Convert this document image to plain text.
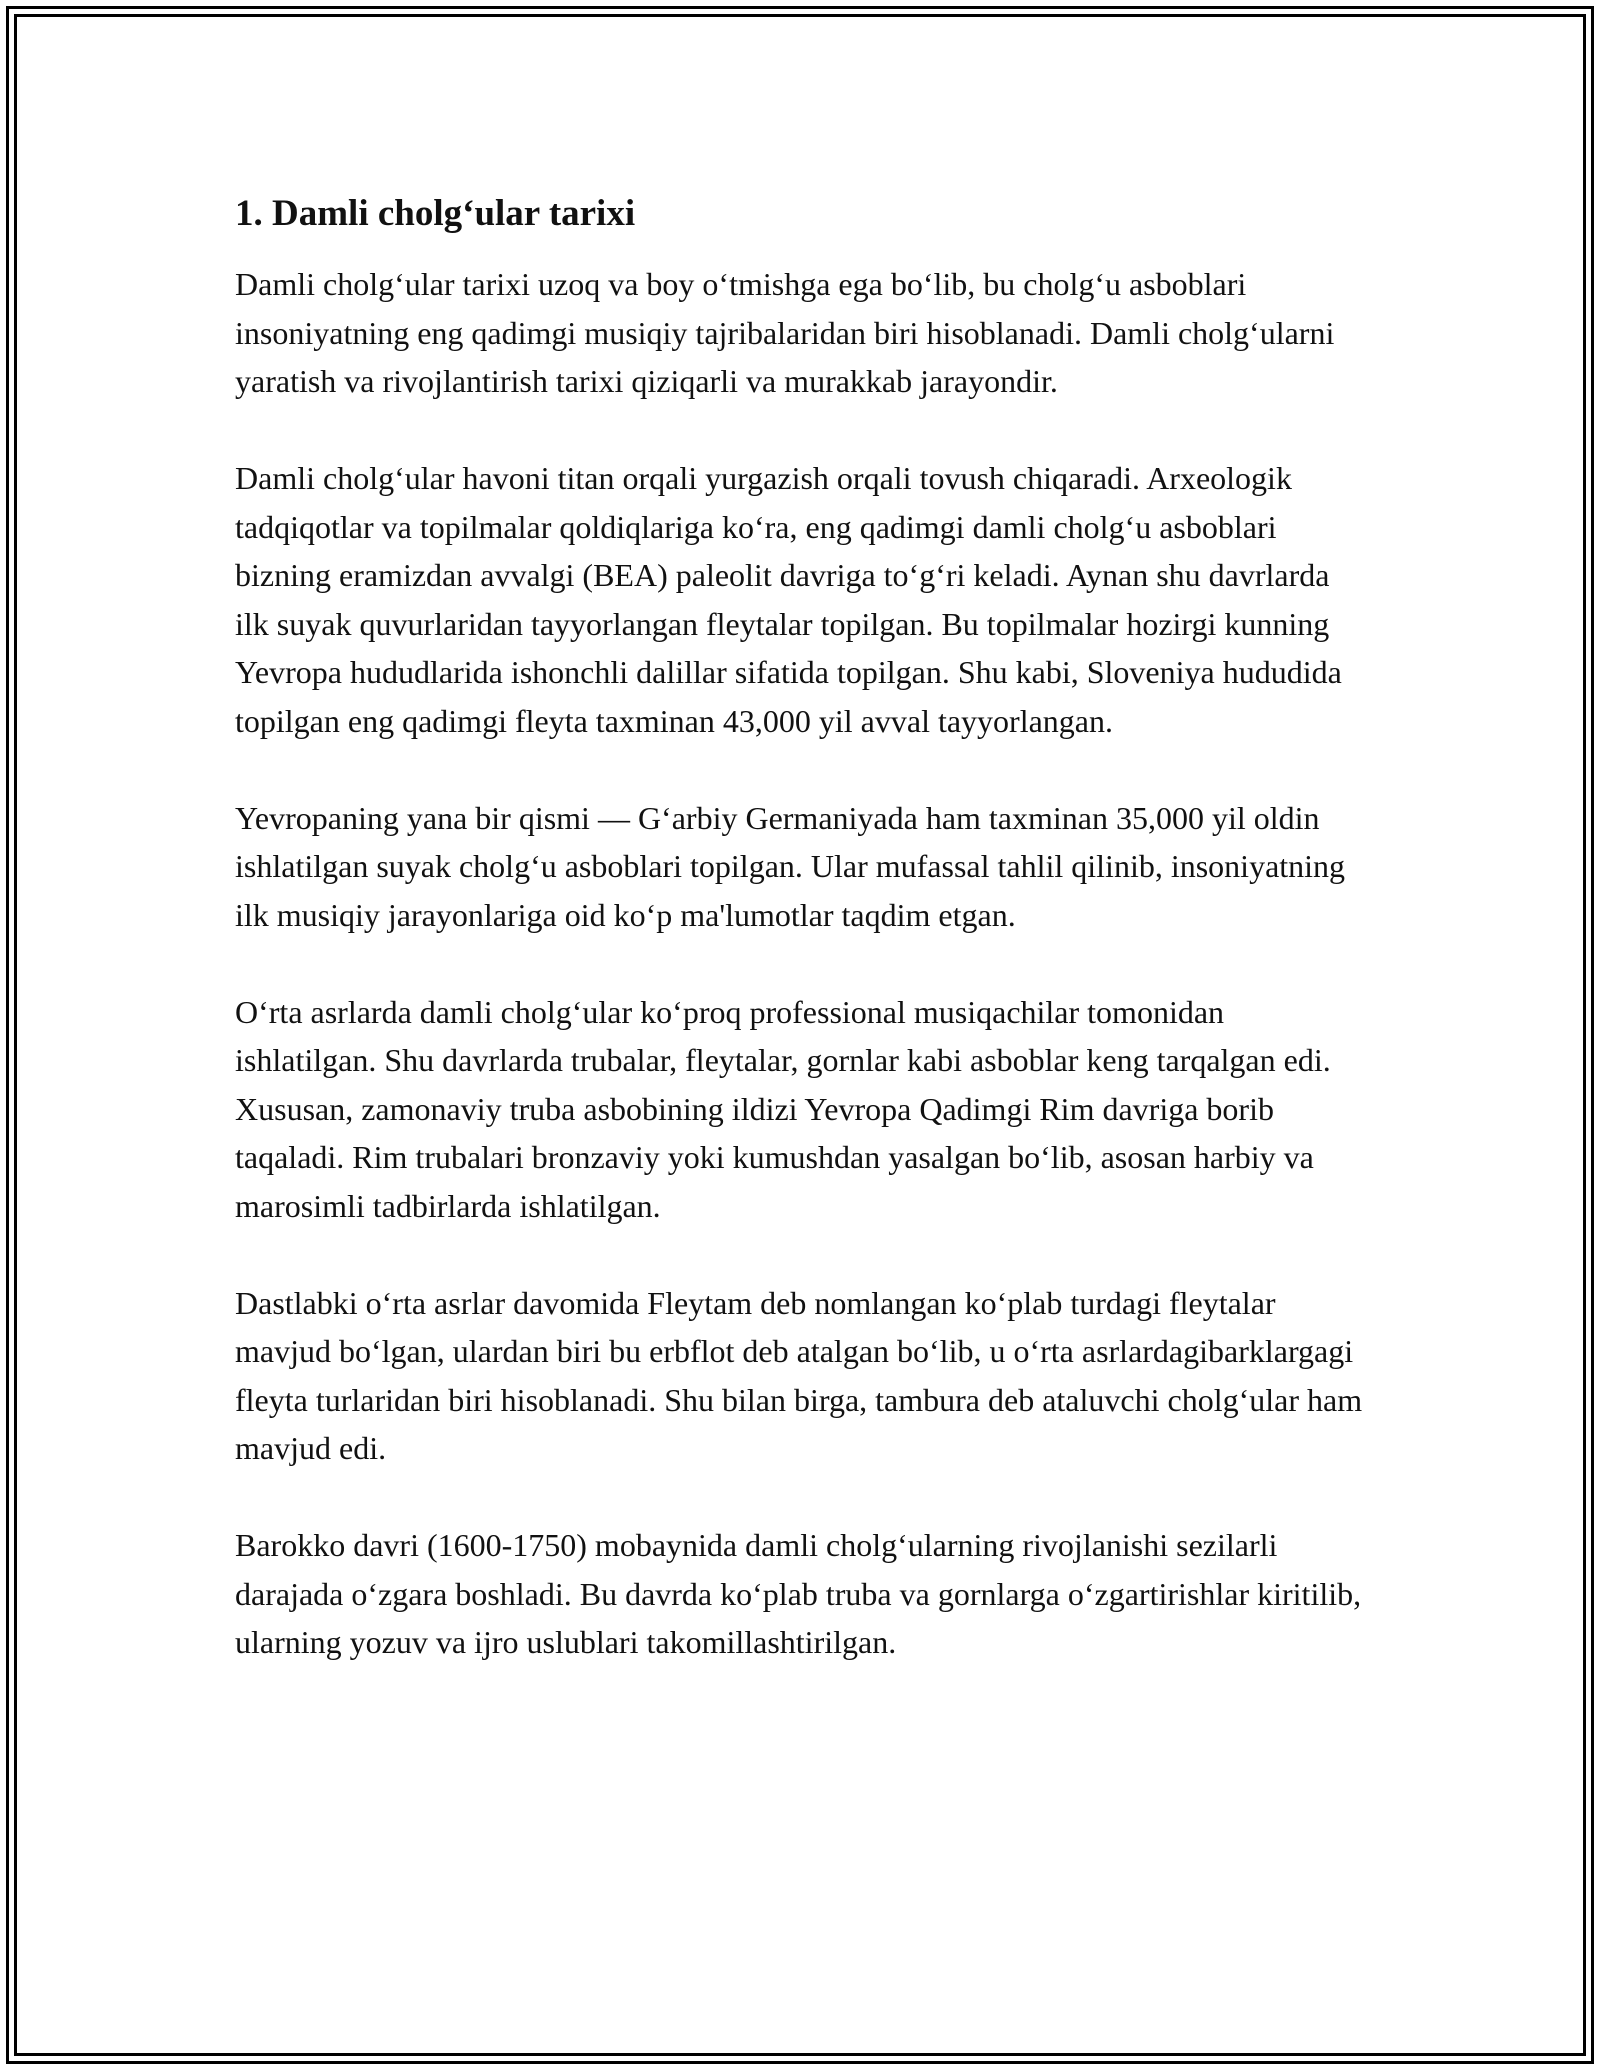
1. Damli cholg‘ular tarixi

Damli cholg‘ular tarixi uzoq va boy o‘tmishga ega bo‘lib, bu cholg‘u asboblari insoniyatning eng qadimgi musiqiy tajribalaridan biri hisoblanadi. Damli cholg‘ularni yaratish va rivojlantirish tarixi qiziqarli va murakkab jarayondir.

Damli cholg‘ular havoni titan orqali yurgazish orqali tovush chiqaradi. Arxeologik tadqiqotlar va topilmalar qoldiqlariga ko‘ra, eng qadimgi damli cholg‘u asboblari bizning eramizdan avvalgi (BEA) paleolit davriga to‘g‘ri keladi. Aynan shu davrlarda ilk suyak quvurlaridan tayyorlangan fleytalar topilgan. Bu topilmalar hozirgi kunning Yevropa hududlarida ishonchli dalillar sifatida topilgan. Shu kabi, Sloveniya hududida topilgan eng qadimgi fleyta taxminan 43,000 yil avval tayyorlangan.

Yevropaning yana bir qismi — G‘arbiy Germaniyada ham taxminan 35,000 yil oldin ishlatilgan suyak cholg‘u asboblari topilgan. Ular mufassal tahlil qilinib, insoniyatning ilk musiqiy jarayonlariga oid ko‘p ma'lumotlar taqdim etgan.

O‘rta asrlarda damli cholg‘ular ko‘proq professional musiqachilar tomonidan ishlatilgan. Shu davrlarda trubalar, fleytalar, gornlar kabi asboblar keng tarqalgan edi. Xususan, zamonaviy truba asbobining ildizi Yevropa Qadimgi Rim davriga borib taqaladi. Rim trubalari bronzaviy yoki kumushdan yasalgan bo‘lib, asosan harbiy va marosimli tadbirlarda ishlatilgan.

Dastlabki o‘rta asrlar davomida Fleytam deb nomlangan ko‘plab turdagi fleytalar mavjud bo‘lgan, ulardan biri bu erbflot deb atalgan bo‘lib, u o‘rta asrlardagibarklargagi fleyta turlaridan biri hisoblanadi. Shu bilan birga, tambura deb ataluvchi cholg‘ular ham mavjud edi.

Barokko davri (1600-1750) mobaynida damli cholg‘ularning rivojlanishi sezilarli darajada o‘zgara boshladi. Bu davrda ko‘plab truba va gornlarga o‘zgartirishlar kiritilib, ularning yozuv va ijro uslublari takomillashtirilgan.
